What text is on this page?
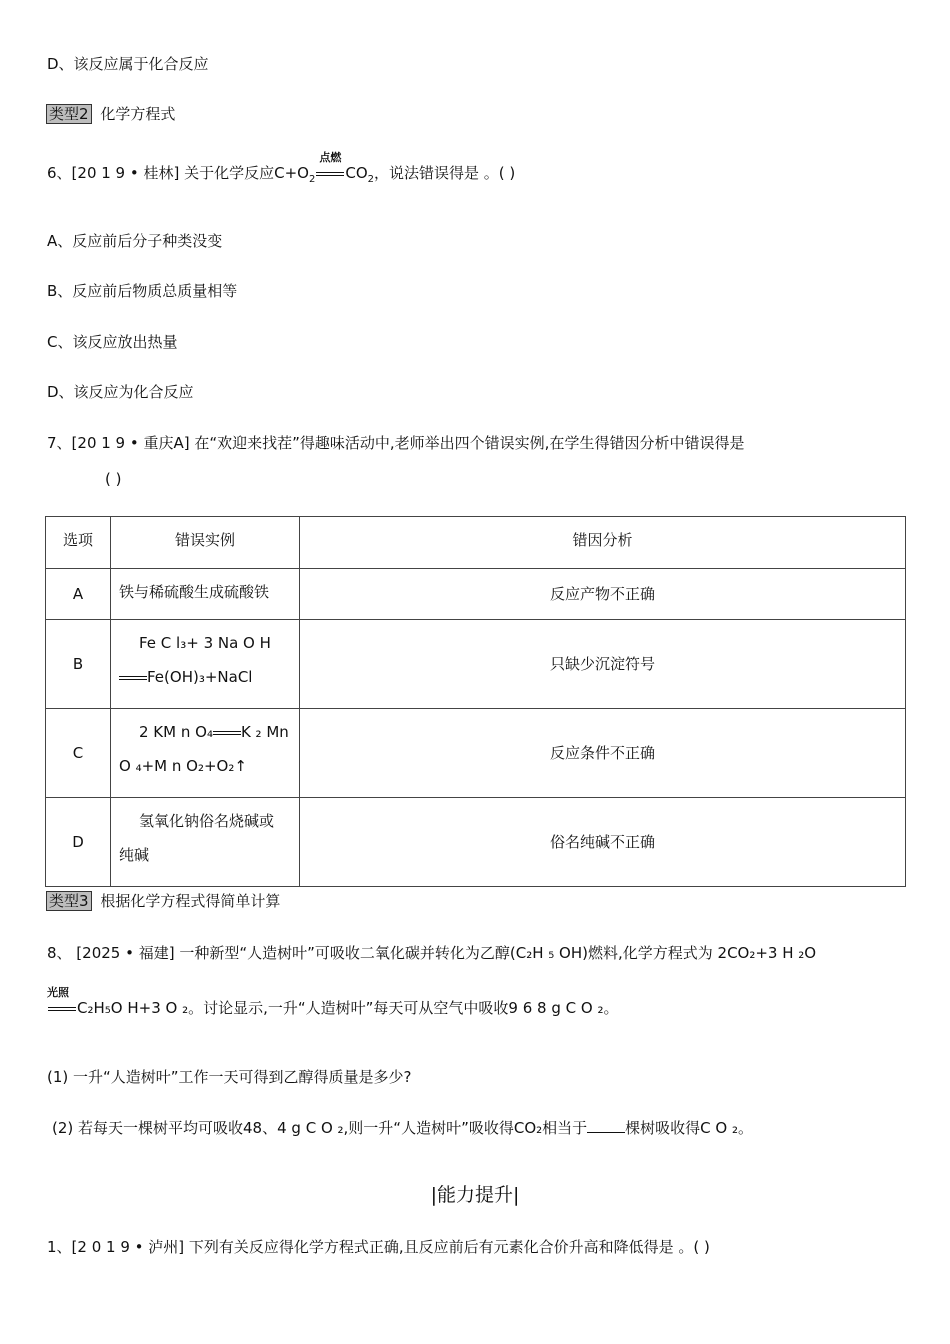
D、该反应属于化合反应
类型2 化学方程式
6、[20 1 9 • 桂林] 关于化学反应$C+O_2$
点燃
$CO_2$，说法错误得是 。( )
A、反应前后分子种类没变
B、反应前后物质总质量相等
C、该反应放出热量
D、该反应为化合反应
7、[20 1 9 • 重庆A] 在“欢迎来找茬”得趣味活动中,老师举出四个错误实例,在学生得错因分析中错误得是
( )
选项	错误实例	错因分析
A	铁与稀硫酸生成硫酸铁	反应产物不正确
B	Fe C l₃+ 3 Na O H
Fe(OH)₃+NaCl	只缺少沉淀符号
C	2 KM n O₄ K ₂ Mn
O ₄+M n O₂+O₂↑	反应条件不正确
D	氢氧化钠俗名烧碱或
纯碱	俗名纯碱不正确
类型3 根据化学方程式得简单计算
8、 [2025 • 福建] 一种新型“人造树叶”可吸收二氧化碳并转化为乙醇(C₂H ₅ OH)燃料,化学方程式为 2CO₂+3 H ₂O
光照
C₂H₅O H+3 O ₂。讨论显示,一升“人造树叶”每天可从空气中吸收9 6 8 g C O ₂。
(1) 一升“人造树叶”工作一天可得到乙醇得质量是多少?
(2) 若每天一棵树平均可吸收48、4 g C O ₂,则一升“人造树叶”吸收得CO₂相当于	棵树吸收得C O ₂。
|能力提升|
1、[2 0 1 9 • 泸州] 下列有关反应得化学方程式正确,且反应前后有元素化合价升高和降低得是 。( )
